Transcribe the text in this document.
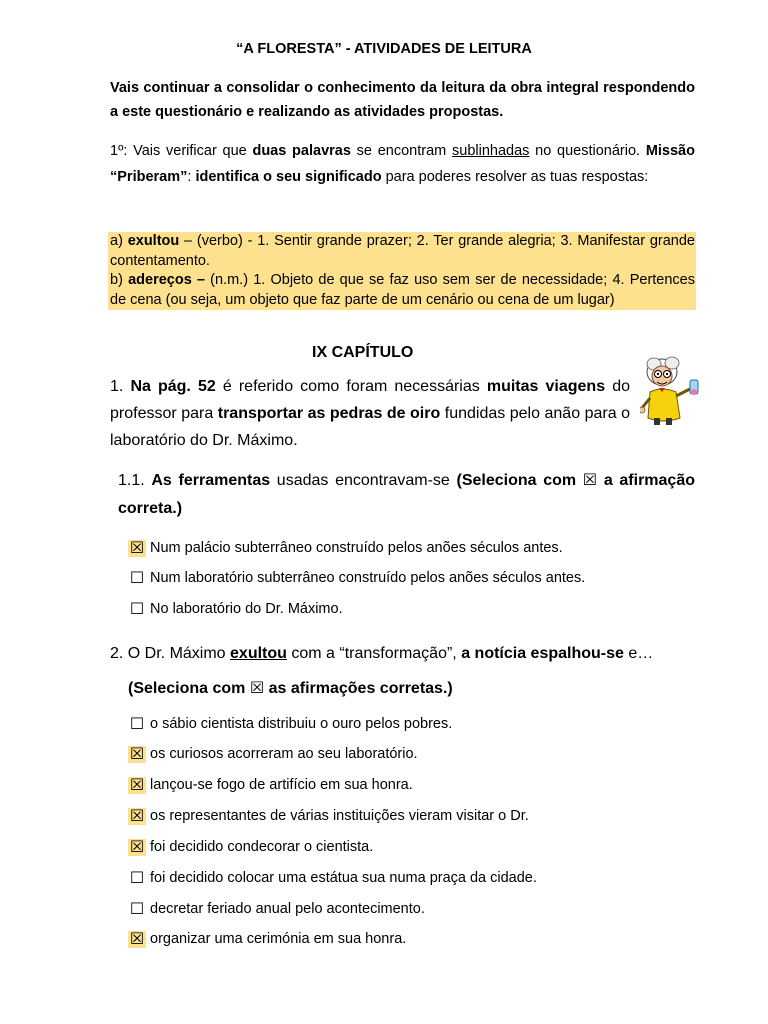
“A FLORESTA” - ATIVIDADES DE LEITURA
Vais continuar a consolidar o conhecimento da leitura da obra integral respondendo a este questionário e realizando as atividades propostas.
1º: Vais verificar que duas palavras se encontram sublinhadas no questionário. Missão “Priberam”: identifica o seu significado para poderes resolver as tuas respostas:
a) exultou – (verbo) - 1. Sentir grande prazer; 2. Ter grande alegria; 3. Manifestar grande contentamento.
b) adereços – (n.m.) 1. Objeto de que se faz uso sem ser de necessidade; 4. Pertences de cena (ou seja, um objeto que faz parte de um cenário ou cena de um lugar)
IX CAPÍTULO
1. Na pág. 52 é referido como foram necessárias muitas viagens do professor para transportar as pedras de oiro fundidas pelo anão para o laboratório do Dr. Máximo.
1.1. As ferramentas usadas encontravam-se (Seleciona com ☒ a afirmação correta.)
☒ Num palácio subterrâneo construído pelos anões séculos antes.
☐ Num laboratório subterrâneo construído pelos anões séculos antes.
☐ No laboratório do Dr. Máximo.
2. O Dr. Máximo exultou com a “transformação”, a notícia espalhou-se e…
(Seleciona com ☒ as afirmações corretas.)
☐ o sábio cientista distribuiu o ouro pelos pobres.
☒ os curiosos acorreram ao seu laboratório.
☒ lançou-se fogo de artifício em sua honra.
☒ os representantes de várias instituições vieram visitar o Dr.
☒ foi decidido condecorar o cientista.
☐ foi decidido colocar uma estátua sua numa praça da cidade.
☐ decretar feriado anual pelo acontecimento.
☒ organizar uma cerimónia em sua honra.
